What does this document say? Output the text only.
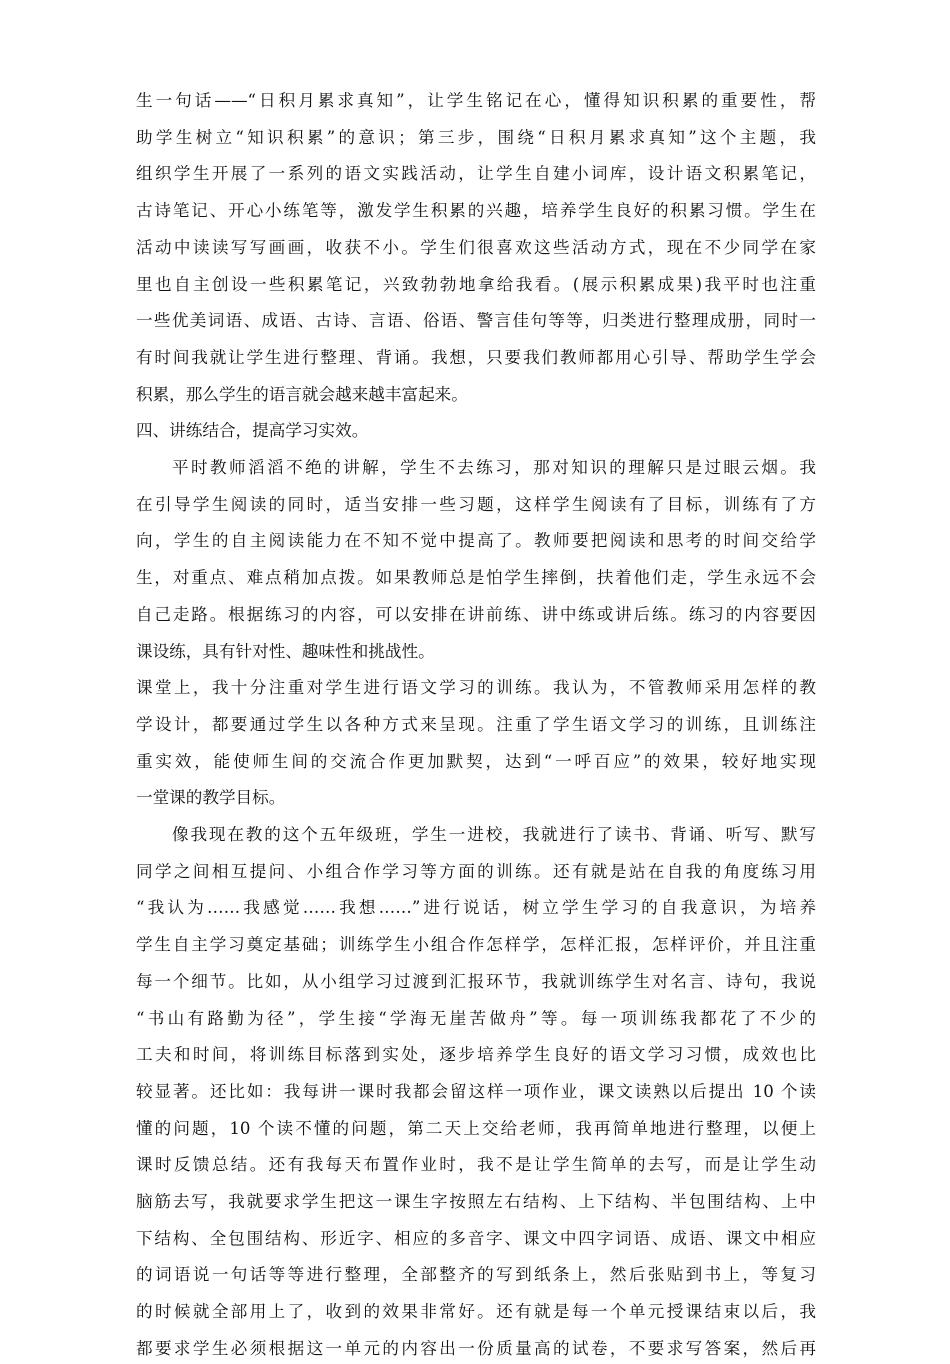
生一句话——“日积月累求真知”，让学生铭记在心，懂得知识积累的重要性，帮
助学生树立“知识积累”的意识；第三步，围绕“日积月累求真知”这个主题，我
组织学生开展了一系列的语文实践活动，让学生自建小词库，设计语文积累笔记，
古诗笔记、开心小练笔等，激发学生积累的兴趣，培养学生良好的积累习惯。学生在
活动中读读写写画画，收获不小。学生们很喜欢这些活动方式，现在不少同学在家
里也自主创设一些积累笔记，兴致勃勃地拿给我看。(展示积累成果)我平时也注重
一些优美词语、成语、古诗、言语、俗语、警言佳句等等，归类进行整理成册，同时一
有时间我就让学生进行整理、背诵。我想，只要我们教师都用心引导、帮助学生学会
积累，那么学生的语言就会越来越丰富起来。
四、讲练结合，提高学习实效。
平时教师滔滔不绝的讲解，学生不去练习，那对知识的理解只是过眼云烟。我
在引导学生阅读的同时，适当安排一些习题，这样学生阅读有了目标，训练有了方
向，学生的自主阅读能力在不知不觉中提高了。教师要把阅读和思考的时间交给学
生，对重点、难点稍加点拨。如果教师总是怕学生摔倒，扶着他们走，学生永远不会
自己走路。根据练习的内容，可以安排在讲前练、讲中练或讲后练。练习的内容要因
课设练，具有针对性、趣味性和挑战性。
课堂上，我十分注重对学生进行语文学习的训练。我认为，不管教师采用怎样的教
学设计，都要通过学生以各种方式来呈现。注重了学生语文学习的训练，且训练注
重实效，能使师生间的交流合作更加默契，达到“一呼百应”的效果，较好地实现
一堂课的教学目标。
像我现在教的这个五年级班，学生一进校，我就进行了读书、背诵、听写、默写
同学之间相互提问、小组合作学习等方面的训练。还有就是站在自我的角度练习用
“我认为……我感觉……我想……”进行说话，树立学生学习的自我意识，为培养
学生自主学习奠定基础；训练学生小组合作怎样学，怎样汇报，怎样评价，并且注重
每一个细节。比如，从小组学习过渡到汇报环节，我就训练学生对名言、诗句，我说
“书山有路勤为径”，学生接“学海无崖苦做舟”等。每一项训练我都花了不少的
工夫和时间，将训练目标落到实处，逐步培养学生良好的语文学习习惯，成效也比
较显著。还比如：我每讲一课时我都会留这样一项作业，课文读熟以后提出 10 个读
懂的问题，10 个读不懂的问题，第二天上交给老师，我再简单地进行整理，以便上
课时反馈总结。还有我每天布置作业时，我不是让学生简单的去写，而是让学生动
脑筋去写，我就要求学生把这一课生字按照左右结构、上下结构、半包围结构、上中
下结构、全包围结构、形近字、相应的多音字、课文中四字词语、成语、课文中相应
的词语说一句话等等进行整理，全部整齐的写到纸条上，然后张贴到书上，等复习
的时候就全部用上了，收到的效果非常好。还有就是每一个单元授课结束以后，我
都要求学生必须根据这一单元的内容出一份质量高的试卷，不要求写答案，然后再
